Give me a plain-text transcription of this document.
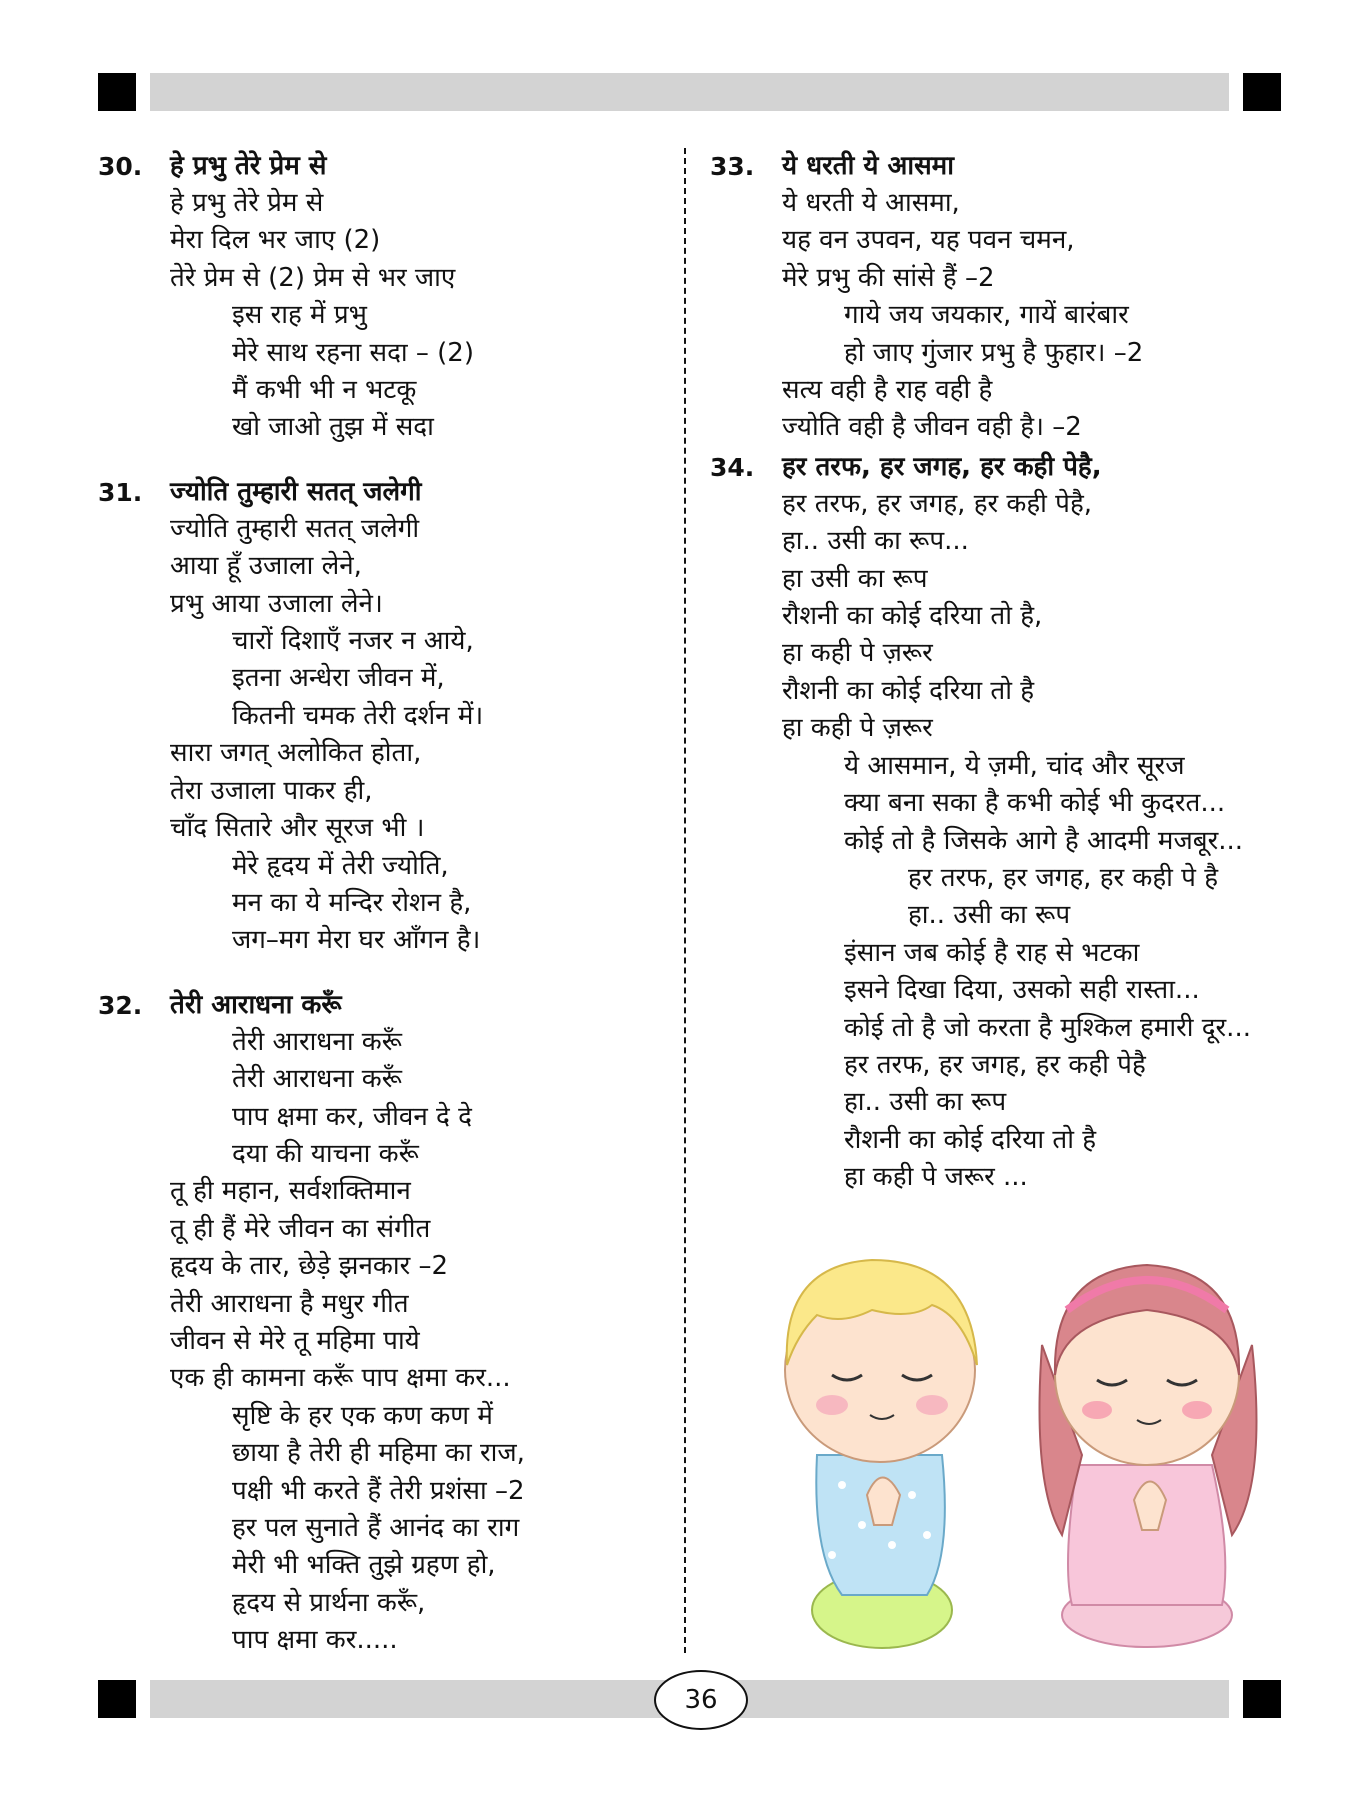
30.	हे प्रभु तेरे प्रेम से
हे प्रभु तेरे प्रेम से
मेरा दिल भर जाए (2)
तेरे प्रेम से (2) प्रेम से भर जाए
इस राह में प्रभु
मेरे साथ रहना सदा – (2)
मैं कभी भी न भटकू
खो जाओ तुझ में सदा
31.	ज्योति तुम्हारी सतत् जलेगी
ज्योति तुम्हारी सतत् जलेगी
आया हूँ उजाला लेने,
प्रभु आया उजाला लेने।
चारों दिशाएँ नजर न आये,
इतना अन्धेरा जीवन में,
कितनी चमक तेरी दर्शन में।
सारा जगत् अलोकित होता,
तेरा उजाला पाकर ही,
चाँद सितारे और सूरज भी ।
मेरे हृदय में तेरी ज्योति,
मन का ये मन्दिर रोशन है,
जग–मग मेरा घर आँगन है।
32.	तेरी आराधना करूँ
तेरी आराधना करूँ
तेरी आराधना करूँ
पाप क्षमा कर, जीवन दे दे
दया की याचना करूँ
तू ही महान, सर्वशक्तिमान
तू ही हैं मेरे जीवन का संगीत
हृदय के तार, छेड़े झनकार –2
तेरी आराधना है मधुर गीत
जीवन से मेरे तू महिमा पाये
एक ही कामना करूँ पाप क्षमा कर...
सृष्टि के हर एक कण कण में
छाया है तेरी ही महिमा का राज,
पक्षी भी करते हैं तेरी प्रशंसा –2
हर पल सुनाते हैं आनंद का राग
मेरी भी भक्ति तुझे ग्रहण हो,
हृदय से प्रार्थना करूँ,
पाप क्षमा कर.....
33.	ये धरती ये आसमा
ये धरती ये आसमा,
यह वन उपवन, यह पवन चमन,
मेरे प्रभु की सांसे हैं –2
गाये जय जयकार, गायें बारंबार
हो जाए गुंजार प्रभु है फुहार। –2
सत्य वही है राह वही है
ज्योति वही है जीवन वही है। –2
34.	हर तरफ, हर जगह, हर कही पेहै,
हर तरफ, हर जगह, हर कही पेहै,
हा.. उसी का रूप...
हा उसी का रूप
रौशनी का कोई दरिया तो है,
हा कही पे ज़रूर
रौशनी का कोई दरिया तो है
हा कही पे ज़रूर
ये आसमान, ये ज़मी, चांद और सूरज
क्या बना सका है कभी कोई भी कुदरत...
कोई तो है जिसके आगे है आदमी मजबूर...
हर तरफ, हर जगह, हर कही पे है
हा.. उसी का रूप
इंसान जब कोई है राह से भटका
इसने दिखा दिया, उसको सही रास्ता...
कोई तो है जो करता है मुश्किल हमारी दूर...
हर तरफ, हर जगह, हर कही पेहै
हा.. उसी का रूप
रौशनी का कोई दरिया तो है
हा कही पे जरूर ...
36
